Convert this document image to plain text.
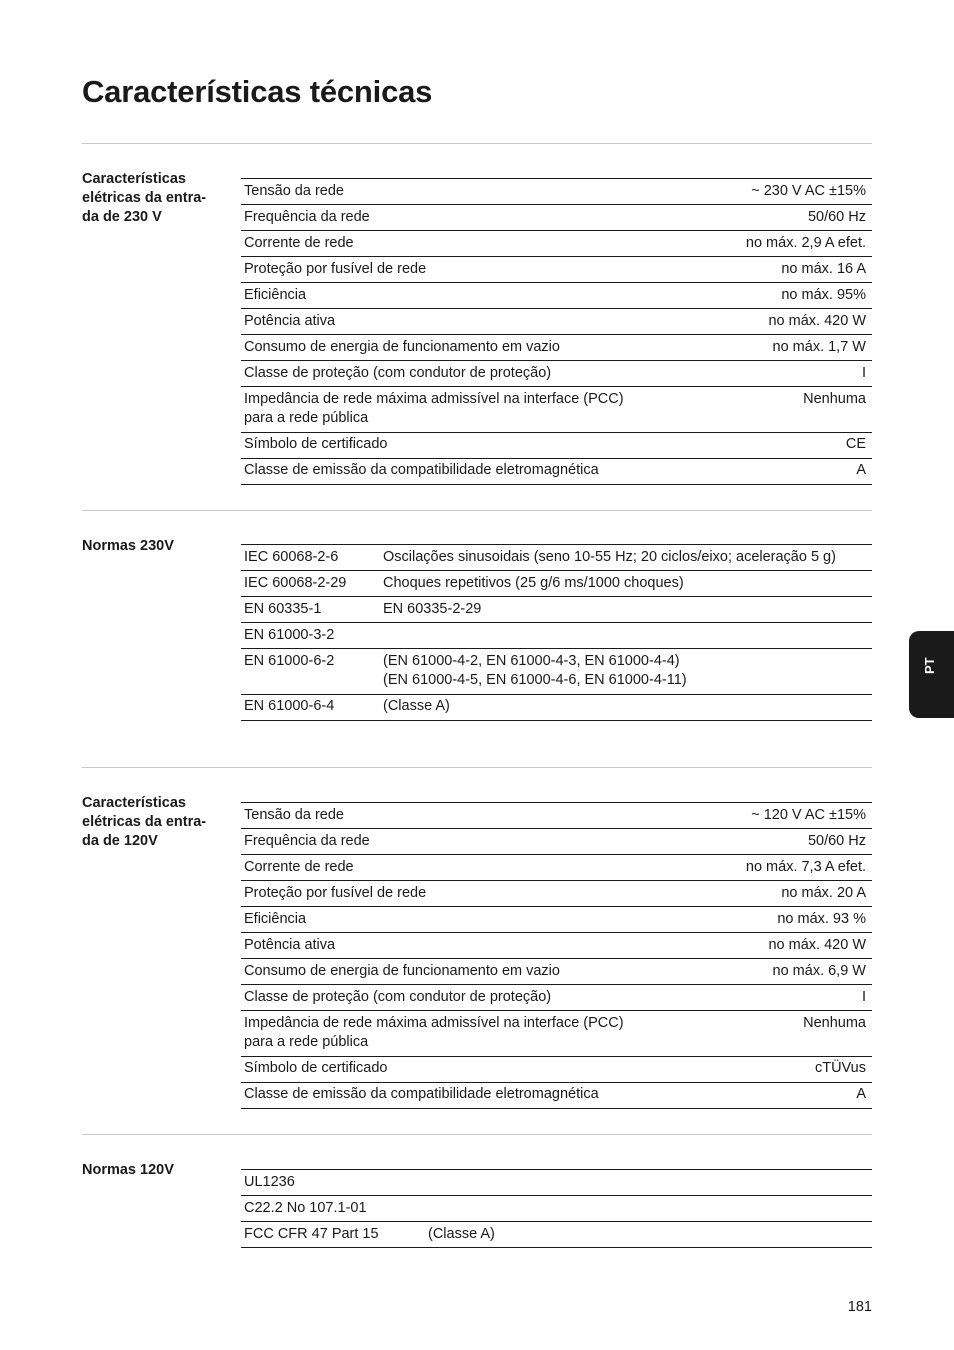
Características técnicas
Características elétricas da entra-
da de 230 V
Tensão da rede	~ 230 V AC ±15%
Frequência da rede	50/60 Hz
Corrente de rede	no máx. 2,9 A efet.
Proteção por fusível de rede	no máx. 16 A
Eficiência	no máx. 95%
Potência ativa	no máx. 420 W
Consumo de energia de funcionamento em vazio	no máx. 1,7 W
Classe de proteção (com condutor de proteção)	I
Impedância de rede máxima admissível na interface (PCC)
para a rede pública	Nenhuma
Símbolo de certificado	CE
Classe de emissão da compatibilidade eletromagnética	A
Normas 230V
IEC 60068-2-6	Oscilações sinusoidais (seno 10-55 Hz; 20 ciclos/eixo; aceleração 5 g)
IEC 60068-2-29	Choques repetitivos (25 g/6 ms/1000 choques)
EN 60335-1	EN 60335-2-29
EN 61000-3-2	
EN 61000-6-2	(EN 61000-4-2, EN 61000-4-3, EN 61000-4-4)
(EN 61000-4-5, EN 61000-4-6, EN 61000-4-11)
EN 61000-6-4	(Classe A)
Características elétricas da entra-
da de 120V
Tensão da rede	~ 120 V AC ±15%
Frequência da rede	50/60 Hz
Corrente de rede	no máx. 7,3 A efet.
Proteção por fusível de rede	no máx. 20 A
Eficiência	no máx. 93 %
Potência ativa	no máx. 420 W
Consumo de energia de funcionamento em vazio	no máx. 6,9 W
Classe de proteção (com condutor de proteção)	I
Impedância de rede máxima admissível na interface (PCC)
para a rede pública	Nenhuma
Símbolo de certificado	cTÜVus
Classe de emissão da compatibilidade eletromagnética	A
Normas 120V
UL1236	
C22.2 No 107.1-01	
FCC CFR 47 Part 15	(Classe A)
PT
181
